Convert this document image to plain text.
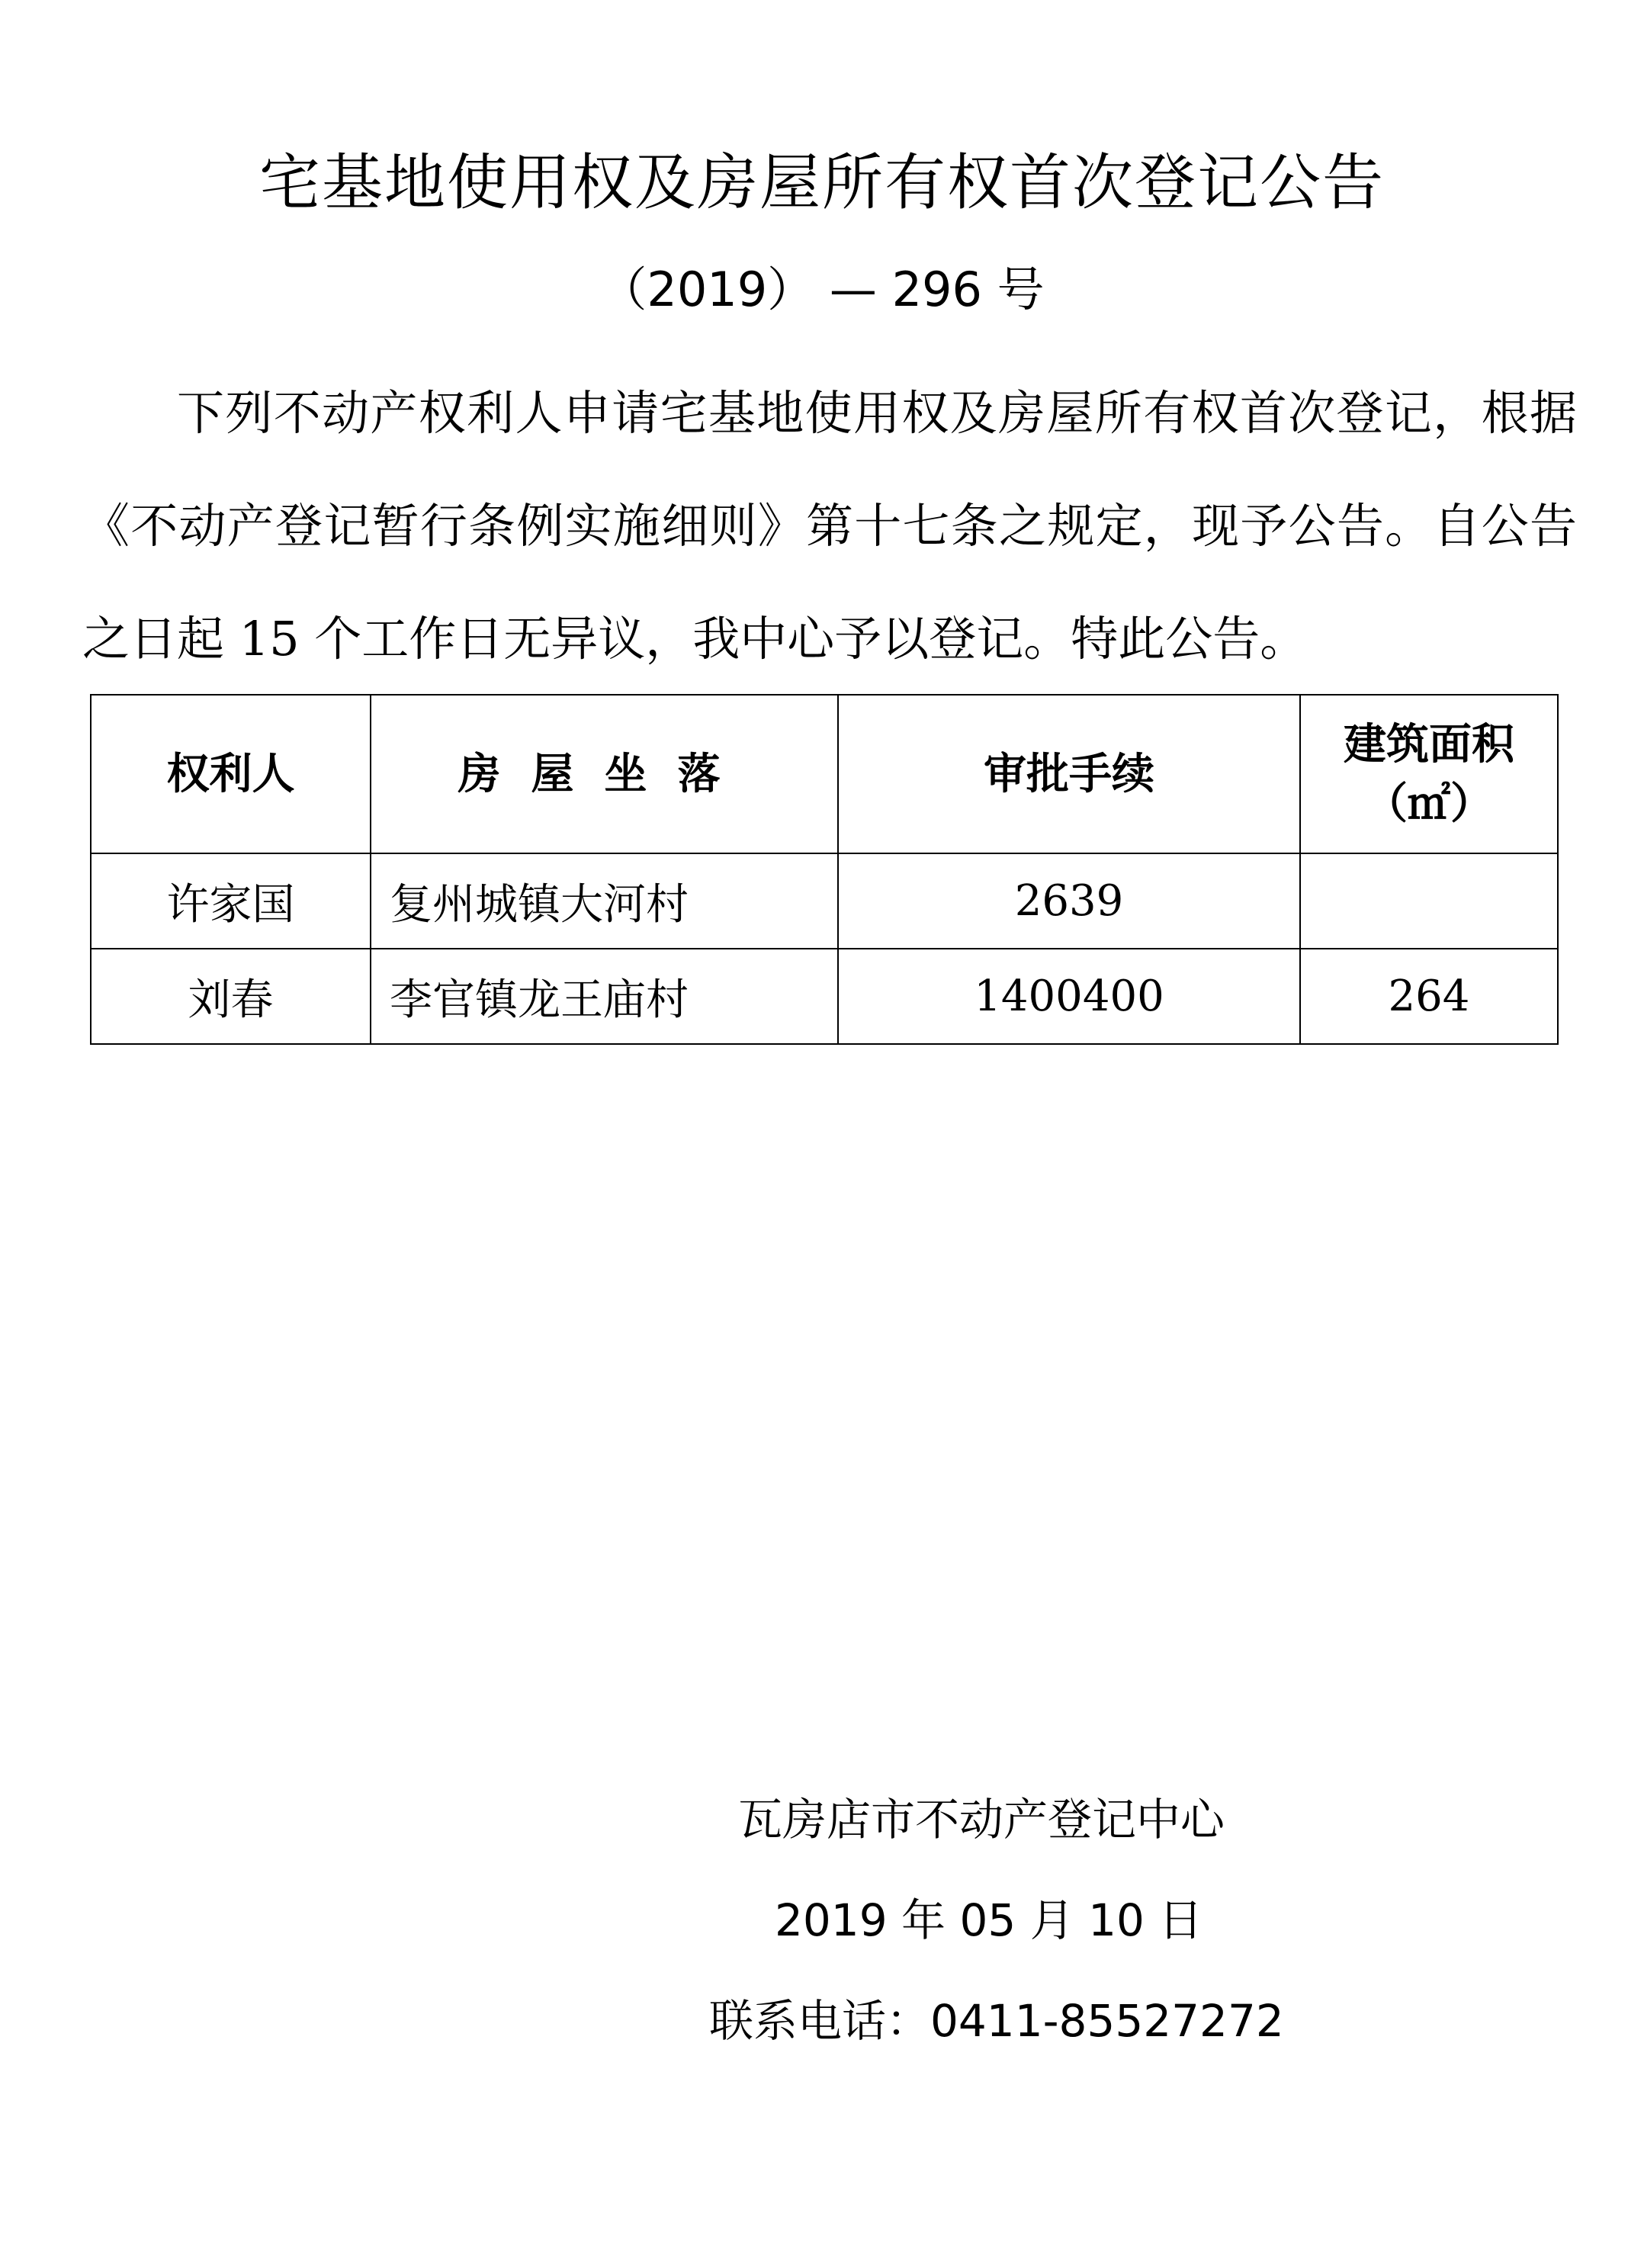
宅基地使用权及房屋所有权首次登记公告
（2019） — 296 号
下列不动产权利人申请宅基地使用权及房屋所有权首次登记，根据《不动产登记暂行条例实施细则》第十七条之规定，现予公告。自公告之日起 15 个工作日无异议，我中心予以登记。特此公告。
权利人	房屋坐落	审批手续	建筑面积
（㎡）

许家国	复州城镇大河村	2639	
刘春	李官镇龙王庙村	1400400	264
瓦房店市不动产登记中心
2019 年 05 月 10 日
联系电话：0411-85527272
